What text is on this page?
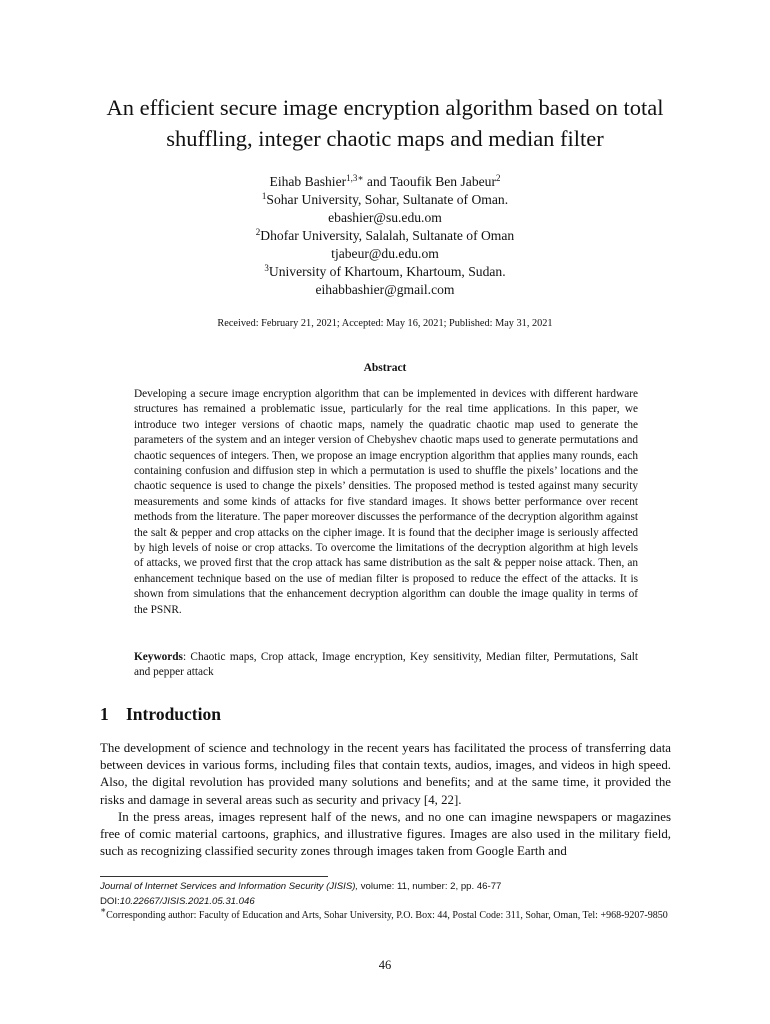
An efficient secure image encryption algorithm based on total
shuffling, integer chaotic maps and median filter
Eihab Bashier$^{1,3∗}$ and Taoufik Ben Jabeur$^2$
$^1$Sohar University, Sohar, Sultanate of Oman.
ebashier@su.edu.om
$^2$Dhofar University, Salalah, Sultanate of Oman
tjabeur@du.edu.om
$^3$University of Khartoum, Khartoum, Sudan.
eihabbashier@gmail.com
Received: February 21, 2021; Accepted: May 16, 2021; Published: May 31, 2021
Abstract
Developing a secure image encryption algorithm that can be implemented in devices with different hardware structures has remained a problematic issue, particularly for the real time applications. In this paper, we introduce two integer versions of chaotic maps, namely the quadratic chaotic map used to generate the parameters of the system and an integer version of Chebyshev chaotic maps used to generate permutations and chaotic sequences of integers. Then, we propose an image encryption algorithm that applies many rounds, each containing confusion and diffusion step in which a permutation is used to shuffle the pixels’ locations and the chaotic sequence is used to change the pixels’ densities. The proposed method is tested against many security measurements and some kinds of attacks for five standard images. It shows better performance over recent methods from the literature. The paper moreover discusses the performance of the decryption algorithm against the salt & pepper and crop attacks on the cipher image. It is found that the decipher image is seriously affected by high levels of noise or crop attacks. To overcome the limitations of the decryption algorithm at high levels of attacks, we proved first that the crop attack has same distribution as the salt & pepper noise attack. Then, an enhancement technique based on the use of median filter is proposed to reduce the effect of the attacks. It is shown from simulations that the enhancement decryption algorithm can double the image quality in terms of the PSNR.
Keywords: Chaotic maps, Crop attack, Image encryption, Key sensitivity, Median filter, Permutations, Salt and pepper attack
1 Introduction

The development of science and technology in the recent years has facilitated the process of transferring data between devices in various forms, including files that contain texts, audios, images, and videos in high speed. Also, the digital revolution has provided many solutions and benefits; and at the same time, it provided the risks and damage in several areas such as security and privacy [4, 22].

In the press areas, images represent half of the news, and no one can imagine newspapers or magazines free of comic material cartoons, graphics, and illustrative figures. Images are also used in the military field, such as recognizing classified security zones through images taken from Google Earth and

Journal of Internet Services and Information Security (JISIS), volume: 11, number: 2, pp. 46-77
DOI:10.22667/JISIS.2021.05.31.046
∗Corresponding author: Faculty of Education and Arts, Sohar University, P.O. Box: 44, Postal Code: 311, Sohar, Oman, Tel: +968-9207-9850
46
